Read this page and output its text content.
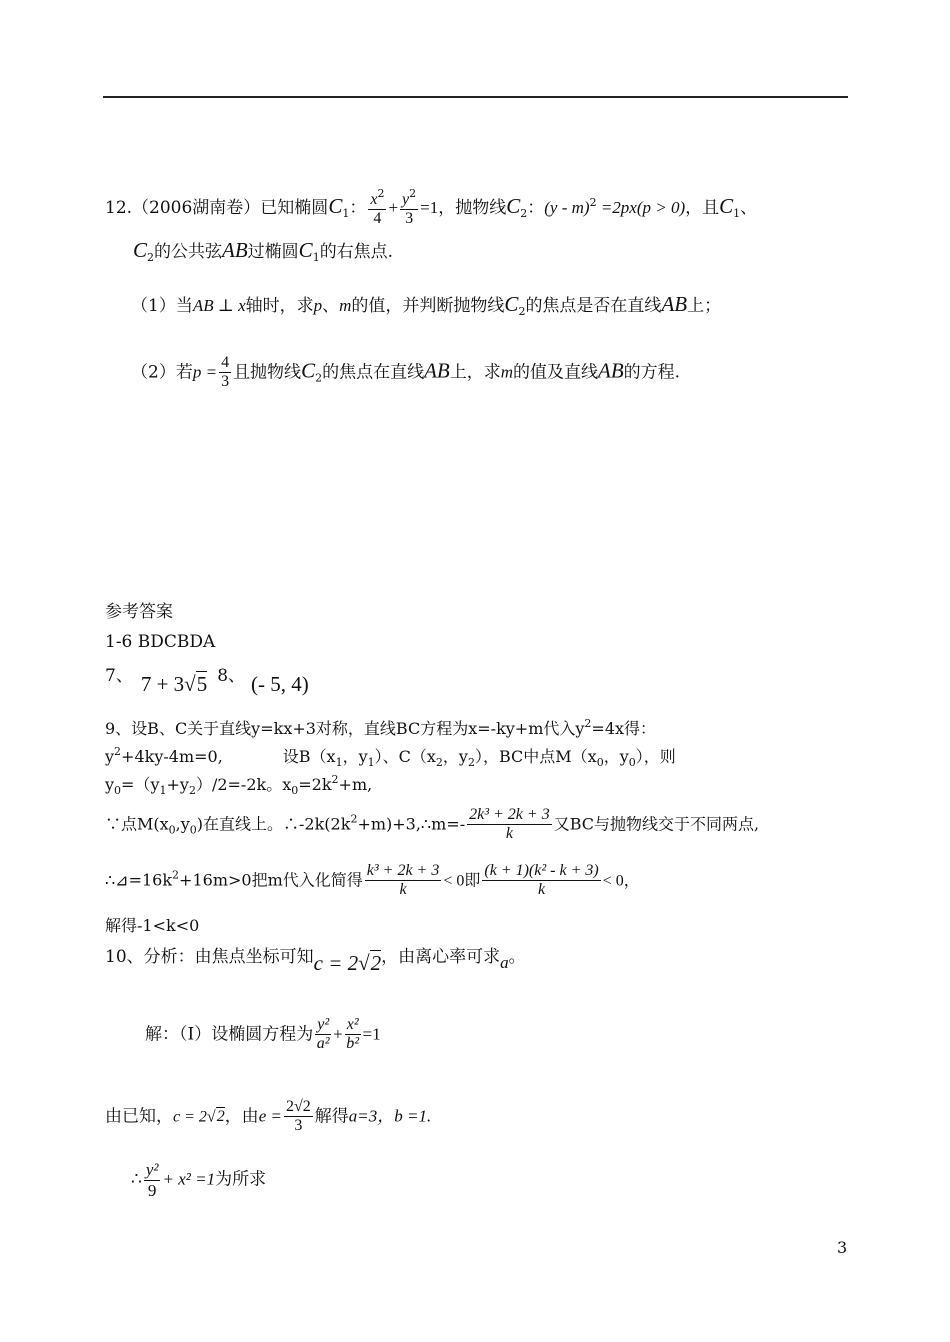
12.（2006湖南卷）已知椭圆$C_1$： $\frac{x^2}{4} + \frac{y^2}{3} =1$，抛物线$C_2$：(y - m)$^2$ =2px(p > 0)，且$C_1$、
$C_2$的公共弦AB过椭圆$C_1$的右焦点.
（1）当AB ⊥ x轴时，求p、m的值，并判断抛物线$C_2$的焦点是否在直线AB上；
（2）若$p = \frac{4}{3}$ 且抛物线$C_2$的焦点在直线AB上，求m的值及直线AB的方程.
参考答案
1-6 BDCBDA
7、 7 + 3√5 8、 (- 5, 4)
9、设B、C关于直线y=kx+3对称，直线BC方程为x=-ky+m代入$y^2=4x$得：
$y^2+4ky-4m=0$,	设$B(x_1$，$y_1$）、$C(x_2$，$y_2$），BC中点$M(x_0$，$y_0$），则
$y_0=(y_1+y_2)/2=-2k$。$x_0=2k^2+m$,
∵点$M(x_0,y_0)$在直线上。$\therefore-2k(2k^2+m)+3,\therefore m=- \frac{\text{2k³ + 2k + 3}}{k}$ 又BC与抛物线交于不同两点,
$\therefore⊿=16k^2+16m>0$把m代入化简得 $\frac{\text{k³ + 2k + 3}}{k} < 0$即 $\frac{\text{(k + 1)(k² - k + 3)}}{k} < 0$，
解得-1<k<0
10、分析：由焦点坐标可知c = 2√2，由离心率可求a。
解：（Ⅰ）设椭圆方程为 $\frac{\text{y²}}{\text{a²}} + \frac{\text{x²}}{\text{b²}} =1$
由已知，c = 2√2，由$e = \frac{2√2}{3}$ 解得a=3，b =1.
∴ $\frac{\text{y²}}{9} + x^2 =1$为所求
3
